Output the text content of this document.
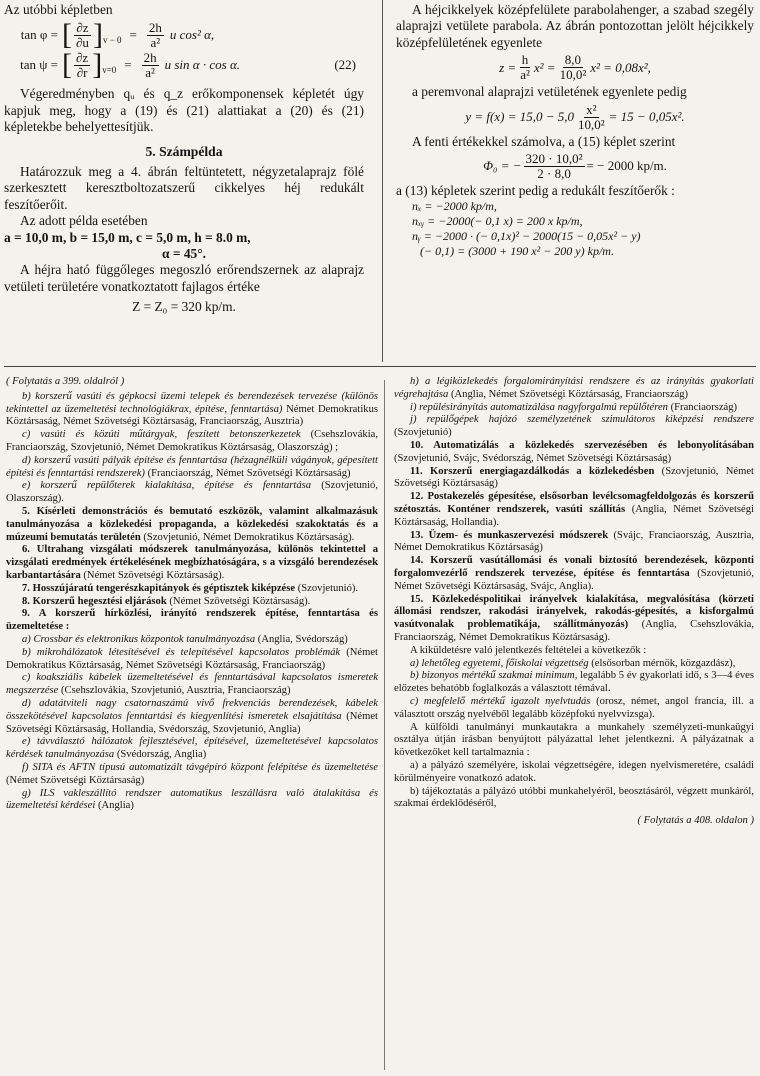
Az utóbbi képletben

tan φ = [ $\frac{\partial z}{\partial u}$ ] $v - 0 = \frac{2h}{\text{a²}}$ u cos² α,
tan ψ = [ $\frac{\partial z}{\partial r}$ ] $v=0 = \frac{2h}{\text{a²}}$ u sin α · cos α.	(22)

Végeredményben qᵤ és q_z erőkomponensek képletét úgy kapjuk meg, hogy a (19) és (21) alattiakat a (20) és (21) képletekbe behelyettesítjük.

5. Számpélda

Határozzuk meg a 4. ábrán feltüntetett, négyzetalaprajz fölé szerkesztett keresztboltozatszerű cikkelyes héj redukált feszítőerőit.

Az adott példa esetében

a = 10,0 m, b = 15,0 m, c = 5,0 m, h = 8.0 m,

α = 45°.

A héjra ható függőleges megoszló erőrendszernek az alaprajz vetületi területére vonatkoztatott fajlagos értéke

Z = Z₀ = 320 kp/m.

A héjcikkelyek középfelülete parabolahenger, a szabad szegély alaprajzi vetülete parabola. Az ábrán pontozottan jelölt héjcikkely középfelületének egyenlete

$z = \frac{h}{\text{a²}} x^2 = \frac{8,0}{\text{10,0²}} x^2 = 0,08x^2$,

a peremvonal alaprajzi vetületének egyenlete pedig

$y = f(x) = 15,0 - 5,0 \frac{\text{x²}}{\text{10,0²}} = 15 - 0,05x^2$.

A fenti értékekkel számolva, a (15) képlet szerint

Φ₀ = − $\frac{\text{320 · 10,0²}}{2 \cdot 8,0}$ = − 2000 kp/m.

a (13) képletek szerint pedig a redukált feszítőerők :

nₓ = −2000 kp/m,
nₓᵧ = −2000(− 0,1 x) = 200 x kp/m,
nᵧ = −2000 · (− 0,1x)² − 2000(15 − 0,05x² − y)
(− 0,1) = (3000 + 190 x² − 200 y) kp/m.

( Folytatás a 399. oldalról )

b) korszerű vasúti és gépkocsi üzemi telepek és berendezések tervezése (különös tekintettel az üzemeltetési technológiákrax, építése, fenntartása) Német Demokratikus Köztársaság, Német Szövetségi Köztársaság, Franciaország, Ausztria)

c) vasúti és közúti műtárgyak, feszített betonszerkezetek (Csehszlovákia, Franciaország, Szovjetunió, Német Demokratikus Köztársaság, Olaszország) ;

d) korszerű vasúti pályák építése és fenntartása (hézagnélküli vágányok, gépesített építési és fenntartási rendszerek) (Franciaország, Német Szövetségi Köztársaság)

e) korszerű repülőterek kialakítása, építése és fenntartása (Szovjetunió, Olaszország).

5. Kísérleti demonstrációs és bemutató eszközök, valamint alkalmazásuk tanulmányozása a közlekedési propaganda, a közlekedési szakoktatás és a múzeumi bemutatás területén (Szovjetunió, Német Demokratikus Köztársaság).

6. Ultrahang vizsgálati módszerek tanulmányozása, különös tekintettel a vizsgálati eredmények értékelésének megbízhatóságára, s a vizsgáló berendezések karbantartására (Német Szövetségi Köztársaság).

7. Hosszújáratú tengerészkapitányok és géptisztek kiképzése (Szovjetunió).

8. Korszerű hegesztési eljárások (Német Szövetségi Köztársaság).

9. A korszerű hírközlési, irányító rendszerek építése, fenntartása és üzemeltetése :

a) Crossbar és elektronikus központok tanulmányozása (Anglia, Svédország)

b) mikrohálózatok létesítésével és telepítésével kapcsolatos problémák (Német Demokratikus Köztársaság, Német Szövetségi Köztársaság, Franciaország)

c) koaksziális kábelek üzemeltetésével és fenntartásával kapcsolatos ismeretek megszerzése (Csehszlovákia, Szovjetunió, Ausztria, Franciaország)

d) adatátviteli nagy csatornaszámú vivő frekvenciás berendezések, kábelek összekötésével kapcsolatos fenntartási és kiegyenlítési ismeretek elsajátítása (Német Szövetségi Köztársaság, Hollandia, Svédország, Szovjetunió, Anglia)

e) távválasztó hálózatok fejlesztésével, építésével, üzemeltetésével kapcsolatos kérdések tanulmányozása (Svédország, Anglia)

f) SITA és AFTN típusú automatizált távgépíró központ felépítése és üzemeltetése (Német Szövetségi Köztársaság)

g) ILS vakleszállító rendszer automatikus leszállásra való átalakítása és üzemeltetési kérdései (Anglia)

h) a légiközlekedés forgalomirányítási rendszere és az irányítás gyakorlati végrehajtása (Anglia, Német Szövetségi Köztársaság, Franciaország)

i) repülésirányítás automatizálása nagyforgalmú repülőtéren (Franciaország)

j) repülőgépek hajózó személyzetének szimulátoros kiképzési rendszere (Szovjetunió)

10. Automatizálás a közlekedés szervezésében és lebonyolításában (Szovjetunió, Svájc, Svédország, Német Szövetségi Köztársaság)

11. Korszerű energiagazdálkodás a közlekedésben (Szovjetunió, Német Szövetségi Köztársaság)

12. Postakezelés gépesítése, elsősorban levélcsomagfeldolgozás és korszerű szétosztás. Konténer rendszerek, vasúti szállítás (Anglia, Német Szövetségi Köztársaság, Hollandia).

13. Üzem- és munkaszervezési módszerek (Svájc, Franciaország, Ausztria, Német Demokratikus Köztársaság)

14. Korszerű vasútállomási és vonali biztosító berendezések, központi forgalomvezérlő rendszerek tervezése, építése és fenntartása (Szovjetunió, Német Szövetségi Köztársaság, Svájc, Anglia).

15. Közlekedéspolitikai irányelvek kialakítása, megvalósítása (körzeti állomási rendszer, rakodási irányelvek, rakodás-gépesítés, a kisforgalmú vasútvonalak problematikája, szállítmányozás) (Anglia, Csehszlovákia, Franciaország, Német Demokratikus Köztársaság).

A kiküldetésre való jelentkezés feltételei a következők :

a) lehetőleg egyetemi, főiskolai végzettség (elsősorban mérnök, közgazdász),

b) bizonyos mértékű szakmai minimum, legalább 5 év gyakorlati idő, s 3—4 éves előzetes behatóbb foglalkozás a választott témával.

c) megfelelő mértékű igazolt nyelvtudás (orosz, német, angol francia, ill. a választott ország nyelvéből legalább középfokú nyelvvizsga).

A külföldi tanulmányi munkautakra a munkahely személyzeti-munkaügyi osztálya útján írásban benyújtott pályázattal lehet jelentkezni. A pályázatnak a következőket kell tartalmaznia :

a) a pályázó személyére, iskolai végzettségére, idegen nyelvismeretére, családi körülményeire vonatkozó adatok.

b) tájékoztatás a pályázó utóbbi munkahelyéről, beosztásáról, végzett munkáról, szakmai érdeklődéséről,

( Folytatás a 408. oldalon )
